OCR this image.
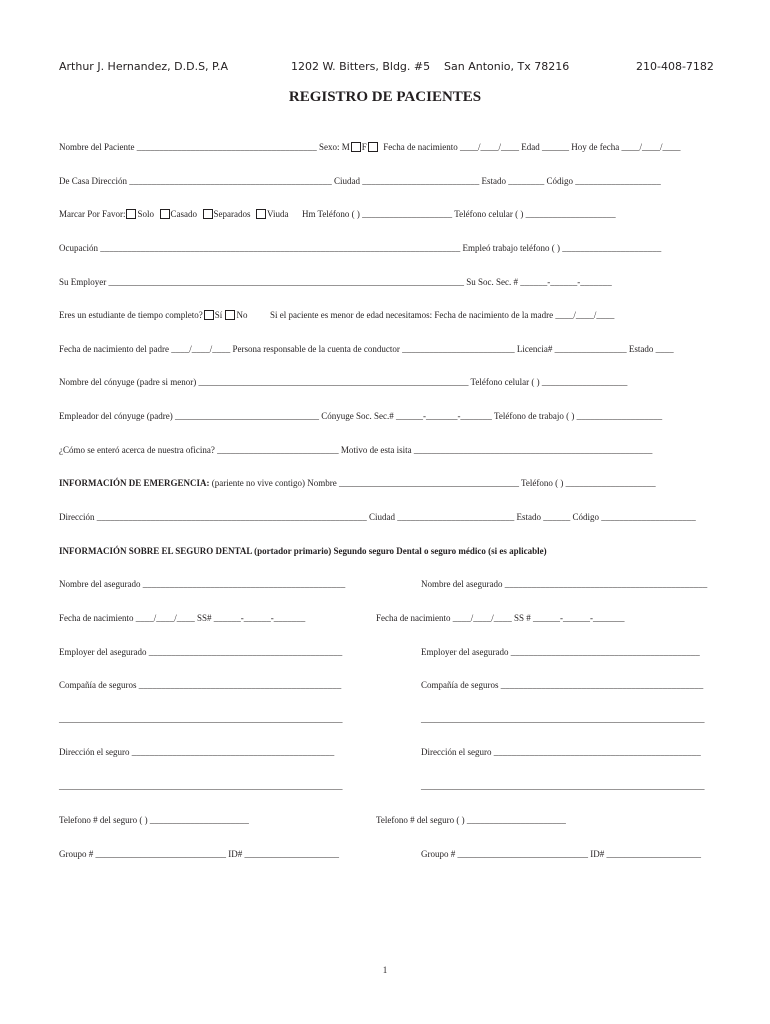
Arthur J. Hernandez, D.D.S, P.A	1202 W. Bitters, Bldg. #5 San Antonio, Tx 78216	210-408-7182
REGISTRO DE PACIENTES
Nombre del Paciente ________________________________________ Sexo: M F Fecha de nacimiento ____/____/____ Edad ______ Hoy de fecha ____/____/____
De Casa Dirección _____________________________________________ Ciudad __________________________ Estado ________ Código ___________________
Marcar Por Favor: Solo Casado Separados Viuda Hm Teléfono ( ) ____________________ Teléfono celular ( ) ____________________
Ocupación ________________________________________________________________________________ Empleó trabajo teléfono ( ) ______________________
Su Employer _______________________________________________________________________________ Su Soc. Sec. # ______-______-_______
Eres un estudiante de tiempo completo? Sí No	Si el paciente es menor de edad necesitamos: Fecha de nacimiento de la madre ____/____/____
Fecha de nacimiento del padre ____/____/____ Persona responsable de la cuenta de conductor _________________________ Licencia# ________________ Estado ____
Nombre del cónyuge (padre si menor) ____________________________________________________________ Teléfono celular ( ) ___________________
Empleador del cónyuge (padre) ________________________________ Cónyuge Soc. Sec.# ______-_______-_______ Teléfono de trabajo ( ) ___________________
¿Cómo se enteró acerca de nuestra oficina? ___________________________ Motivo de esta isita _____________________________________________________
INFORMACIÓN DE EMERGENCIA: (pariente no vive contigo) Nombre ________________________________________ Teléfono ( ) ____________________
Dirección ____________________________________________________________ Ciudad __________________________ Estado ______ Código _____________________
INFORMACIÓN SOBRE EL SEGURO DENTAL (portador primario) Segundo seguro Dental o seguro médico (si es aplicable)
Nombre del asegurado _____________________________________________
Fecha de nacimiento ____/____/____ SS# ______-______-_______
Employer del asegurado ___________________________________________
Compañía de seguros _____________________________________________
_______________________________________________________________
Dirección el seguro _____________________________________________
_______________________________________________________________
Telefono # del seguro ( ) ______________________
Groupo # _____________________________ ID# _____________________
Nombre del asegurado _____________________________________________
Fecha de nacimiento ____/____/____ SS # ______-______-_______
Employer del asegurado __________________________________________
Compañía de seguros _____________________________________________
_______________________________________________________________
Dirección el seguro ______________________________________________
_______________________________________________________________
Telefono # del seguro ( ) ______________________
Groupo # _____________________________ ID# _____________________
1
